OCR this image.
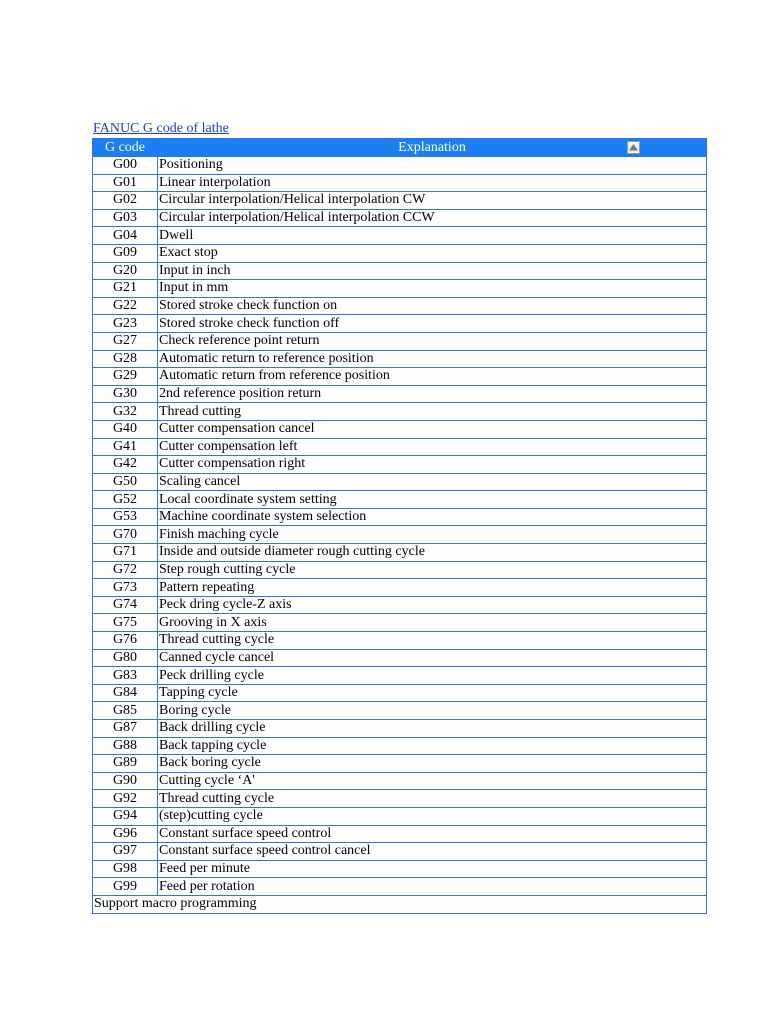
FANUC G code of lathe
G code	Explanation

G00	Positioning
G01	Linear interpolation
G02	Circular interpolation/Helical interpolation CW
G03	Circular interpolation/Helical interpolation CCW
G04	Dwell
G09	Exact stop
G20	Input in inch
G21	Input in mm
G22	Stored stroke check function on
G23	Stored stroke check function off
G27	Check reference point return
G28	Automatic return to reference position
G29	Automatic return from reference position
G30	2nd reference position return
G32	Thread cutting
G40	Cutter compensation cancel
G41	Cutter compensation left
G42	Cutter compensation right
G50	Scaling cancel
G52	Local coordinate system setting
G53	Machine coordinate system selection
G70	Finish maching cycle
G71	Inside and outside diameter rough cutting cycle
G72	Step rough cutting cycle
G73	Pattern repeating
G74	Peck dring cycle-Z axis
G75	Grooving in X axis
G76	Thread cutting cycle
G80	Canned cycle cancel
G83	Peck drilling cycle
G84	Tapping cycle
G85	Boring cycle
G87	Back drilling cycle
G88	Back tapping cycle
G89	Back boring cycle
G90	Cutting cycle ‘A'
G92	Thread cutting cycle
G94	(step)cutting cycle
G96	Constant surface speed control
G97	Constant surface speed control cancel
G98	Feed per minute
G99	Feed per rotation
Support macro programming	
